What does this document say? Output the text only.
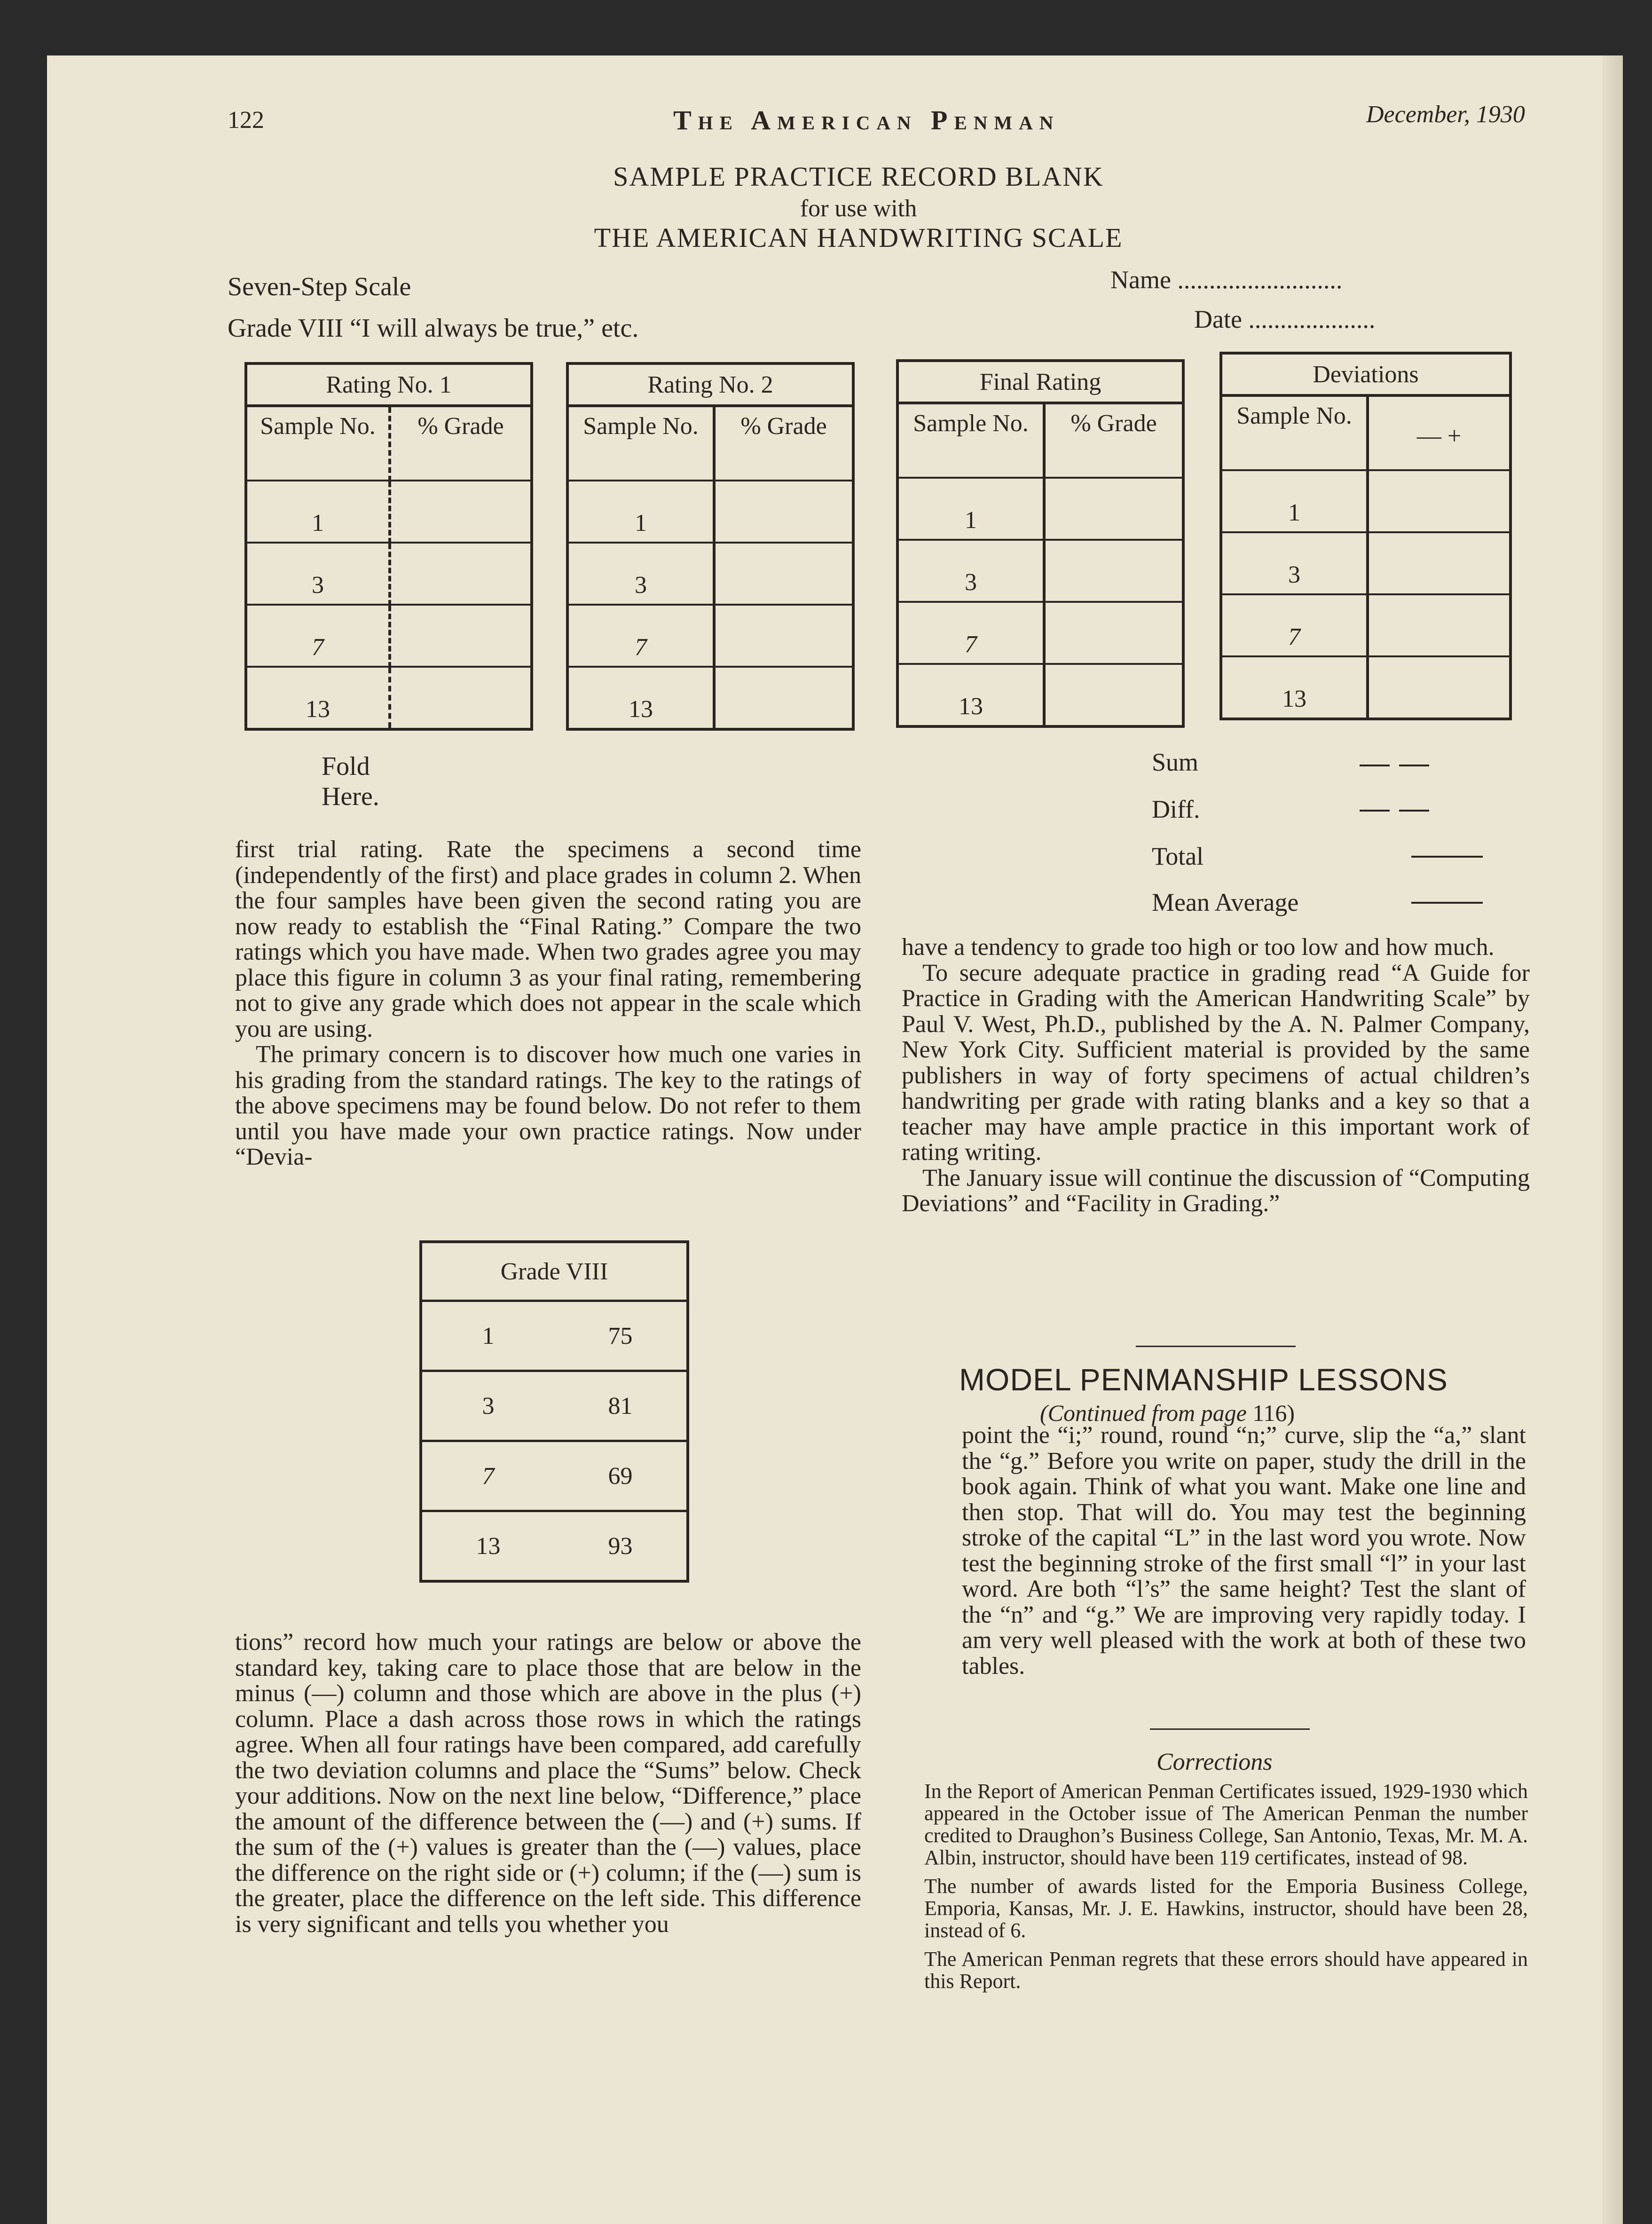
122	The American Penman	December, 1930
SAMPLE PRACTICE RECORD BLANK
for use with
THE AMERICAN HANDWRITING SCALE
Seven-Step Scale
Grade VIII “I will always be true,” etc.
Name ..........................
Date ....................
Rating No. 1	
Sample No.	% Grade
1	
3	
7	
13	
Rating No. 2	
Sample No.	% Grade
1	
3	
7	
13	
Final Rating	
Sample No.	% Grade
1	
3	
7	
13	
Deviations	
Sample No.	— +
1	
3	
7	
13	
Fold Here.
Sum
Diff.
Total
Mean Average

first trial rating. Rate the specimens a second time (independently of the first) and place grades in column 2. When the four samples have been given the second rating you are now ready to establish the “Final Rating.” Compare the two ratings which you have made. When two grades agree you may place this figure in column 3 as your final rating, remembering not to give any grade which does not appear in the scale which you are using.

The primary concern is to discover how much one varies in his grading from the standard ratings. The key to the ratings of the above specimens may be found below. Do not refer to them until you have made your own practice ratings. Now under “Devia-

Grade VIII	
1	75
3	81
7	69
13	93

tions” record how much your ratings are below or above the standard key, taking care to place those that are below in the minus (—) column and those which are above in the plus (+) column. Place a dash across those rows in which the ratings agree. When all four ratings have been compared, add carefully the two deviation columns and place the “Sums” below. Check your additions. Now on the next line below, “Difference,” place the amount of the difference between the (—) and (+) sums. If the sum of the (+) values is greater than the (—) values, place the difference on the right side or (+) column; if the (—) sum is the greater, place the difference on the left side. This difference is very significant and tells you whether you

have a tendency to grade too high or too low and how much.

To secure adequate practice in grading read “A Guide for Practice in Grading with the American Handwriting Scale” by Paul V. West, Ph.D., published by the A. N. Palmer Company, New York City. Sufficient material is provided by the same publishers in way of forty specimens of actual children’s handwriting per grade with rating blanks and a key so that a teacher may have ample practice in this important work of rating writing.

The January issue will continue the discussion of “Computing Deviations” and “Facility in Grading.”

MODEL PENMANSHIP LESSONS
(Continued from page 116)

point the “i;” round, round “n;” curve, slip the “a,” slant the “g.” Before you write on paper, study the drill in the book again. Think of what you want. Make one line and then stop. That will do. You may test the beginning stroke of the capital “L” in the last word you wrote. Now test the beginning stroke of the first small “l” in your last word. Are both “l’s” the same height? Test the slant of the “n” and “g.” We are improving very rapidly today. I am very well pleased with the work at both of these two tables.

Corrections

In the Report of American Penman Certificates issued, 1929-1930 which appeared in the October issue of The American Penman the number credited to Draughon’s Business College, San Antonio, Texas, Mr. M. A. Albin, instructor, should have been 119 certificates, instead of 98.

The number of awards listed for the Emporia Business College, Emporia, Kansas, Mr. J. E. Hawkins, instructor, should have been 28, instead of 6.

The American Penman regrets that these errors should have appeared in this Report.
